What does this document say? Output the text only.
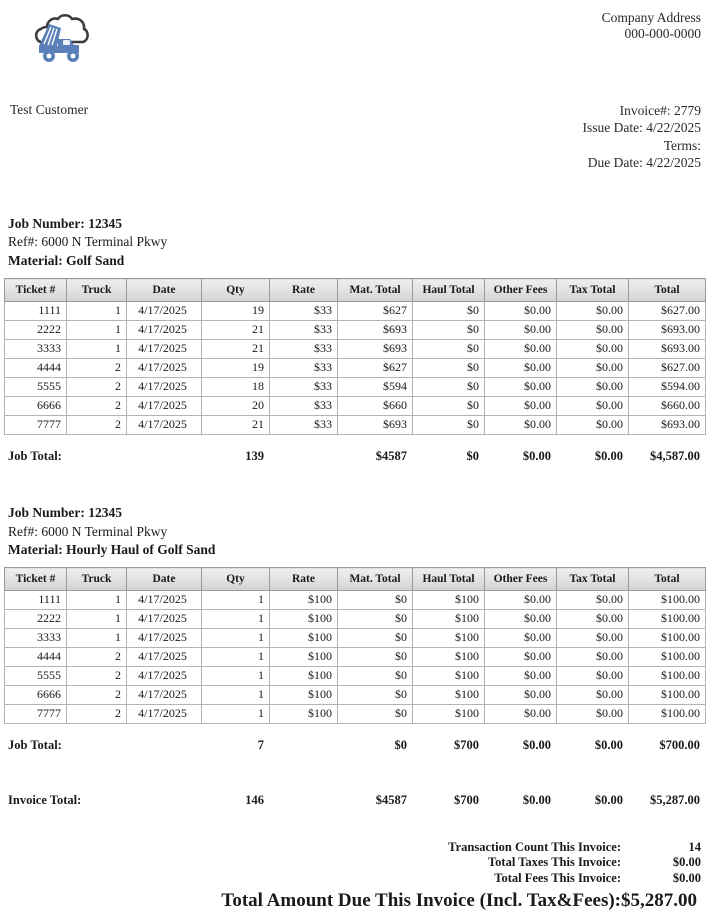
Company Address
000-000-0000
Test Customer	Invoice#: 2779
Issue Date: 4/22/2025
Terms:
Due Date: 4/22/2025
Job Number: 12345
Ref#: 6000 N Terminal Pkwy
Material: Golf Sand
Ticket #	Truck	Date	Qty	Rate	Mat. Total	Haul Total	Other Fees	Tax Total	Total
1111	1	4/17/2025	19	$33	$627	$0	$0.00	$0.00	$627.00
2222	1	4/17/2025	21	$33	$693	$0	$0.00	$0.00	$693.00
3333	1	4/17/2025	21	$33	$693	$0	$0.00	$0.00	$693.00
4444	2	4/17/2025	19	$33	$627	$0	$0.00	$0.00	$627.00
5555	2	4/17/2025	18	$33	$594	$0	$0.00	$0.00	$594.00
6666	2	4/17/2025	20	$33	$660	$0	$0.00	$0.00	$660.00
7777	2	4/17/2025	21	$33	$693	$0	$0.00	$0.00	$693.00
Job Total:	139		$4587	$0	$0.00	$0.00	$4,587.00
Job Number: 12345
Ref#: 6000 N Terminal Pkwy
Material: Hourly Haul of Golf Sand
Ticket #	Truck	Date	Qty	Rate	Mat. Total	Haul Total	Other Fees	Tax Total	Total
1111	1	4/17/2025	1	$100	$0	$100	$0.00	$0.00	$100.00
2222	1	4/17/2025	1	$100	$0	$100	$0.00	$0.00	$100.00
3333	1	4/17/2025	1	$100	$0	$100	$0.00	$0.00	$100.00
4444	2	4/17/2025	1	$100	$0	$100	$0.00	$0.00	$100.00
5555	2	4/17/2025	1	$100	$0	$100	$0.00	$0.00	$100.00
6666	2	4/17/2025	1	$100	$0	$100	$0.00	$0.00	$100.00
7777	2	4/17/2025	1	$100	$0	$100	$0.00	$0.00	$100.00
Job Total:	7		$0	$700	$0.00	$0.00	$700.00
Invoice Total:	146		$4587	$700	$0.00	$0.00	$5,287.00
Transaction Count This Invoice:	14
Total Taxes This Invoice:	$0.00
Total Fees This Invoice:	$0.00
Total Amount Due This Invoice (Incl. Tax&Fees): $5,287.00
